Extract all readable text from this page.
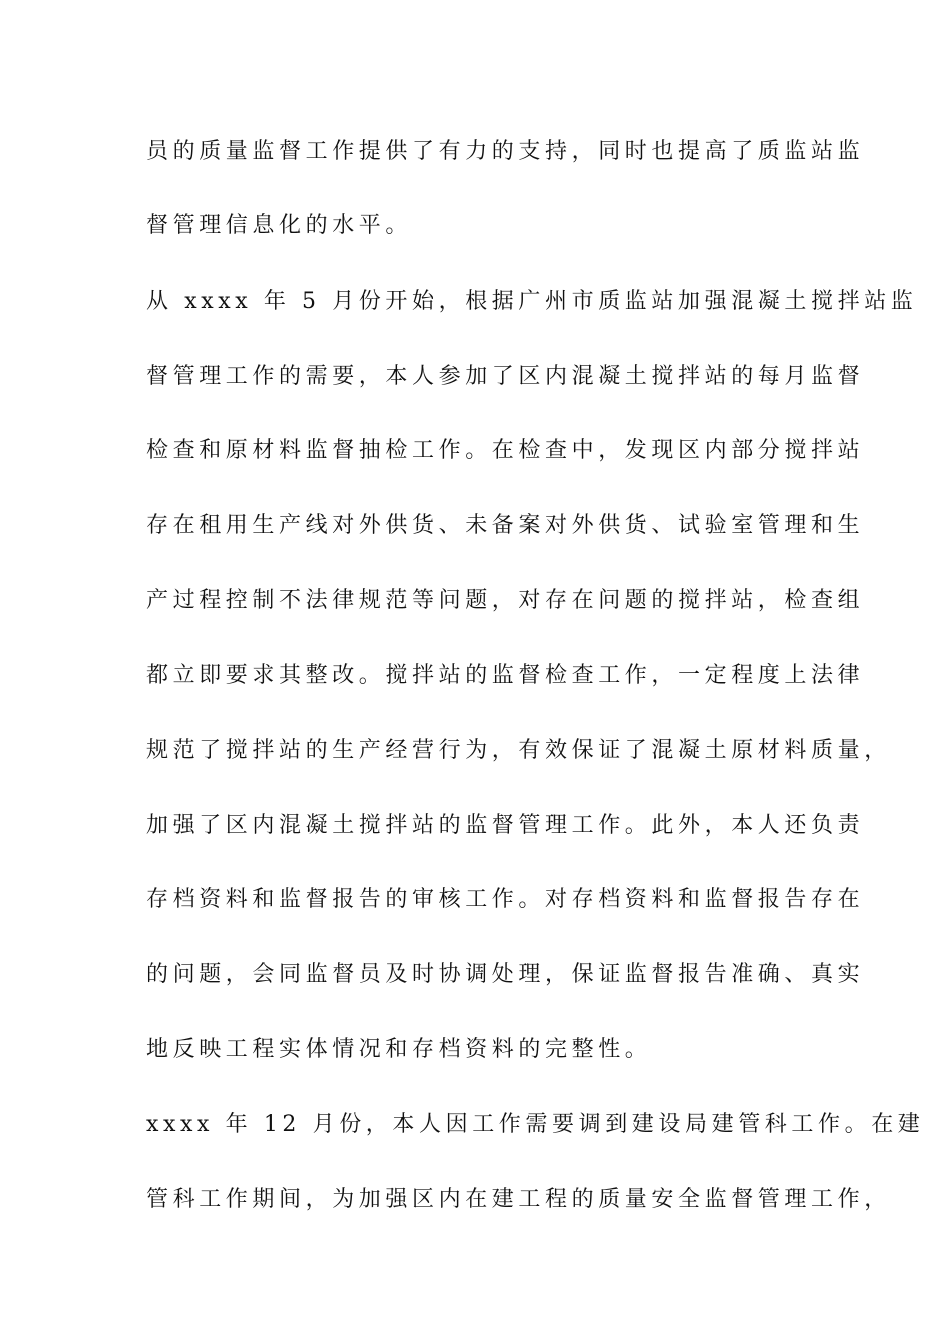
员的质量监督工作提供了有力的支持，同时也提高了质监站监
督管理信息化的水平。
从 xxxx 年 5 月份开始，根据广州市质监站加强混凝土搅拌站监
督管理工作的需要，本人参加了区内混凝土搅拌站的每月监督
检查和原材料监督抽检工作。在检查中，发现区内部分搅拌站
存在租用生产线对外供货、未备案对外供货、试验室管理和生
产过程控制不法律规范等问题，对存在问题的搅拌站，检查组
都立即要求其整改。搅拌站的监督检查工作，一定程度上法律
规范了搅拌站的生产经营行为，有效保证了混凝土原材料质量，
加强了区内混凝土搅拌站的监督管理工作。此外，本人还负责
存档资料和监督报告的审核工作。对存档资料和监督报告存在
的问题，会同监督员及时协调处理，保证监督报告准确、真实
地反映工程实体情况和存档资料的完整性。
xxxx 年 12 月份，本人因工作需要调到建设局建管科工作。在建
管科工作期间，为加强区内在建工程的质量安全监督管理工作，
